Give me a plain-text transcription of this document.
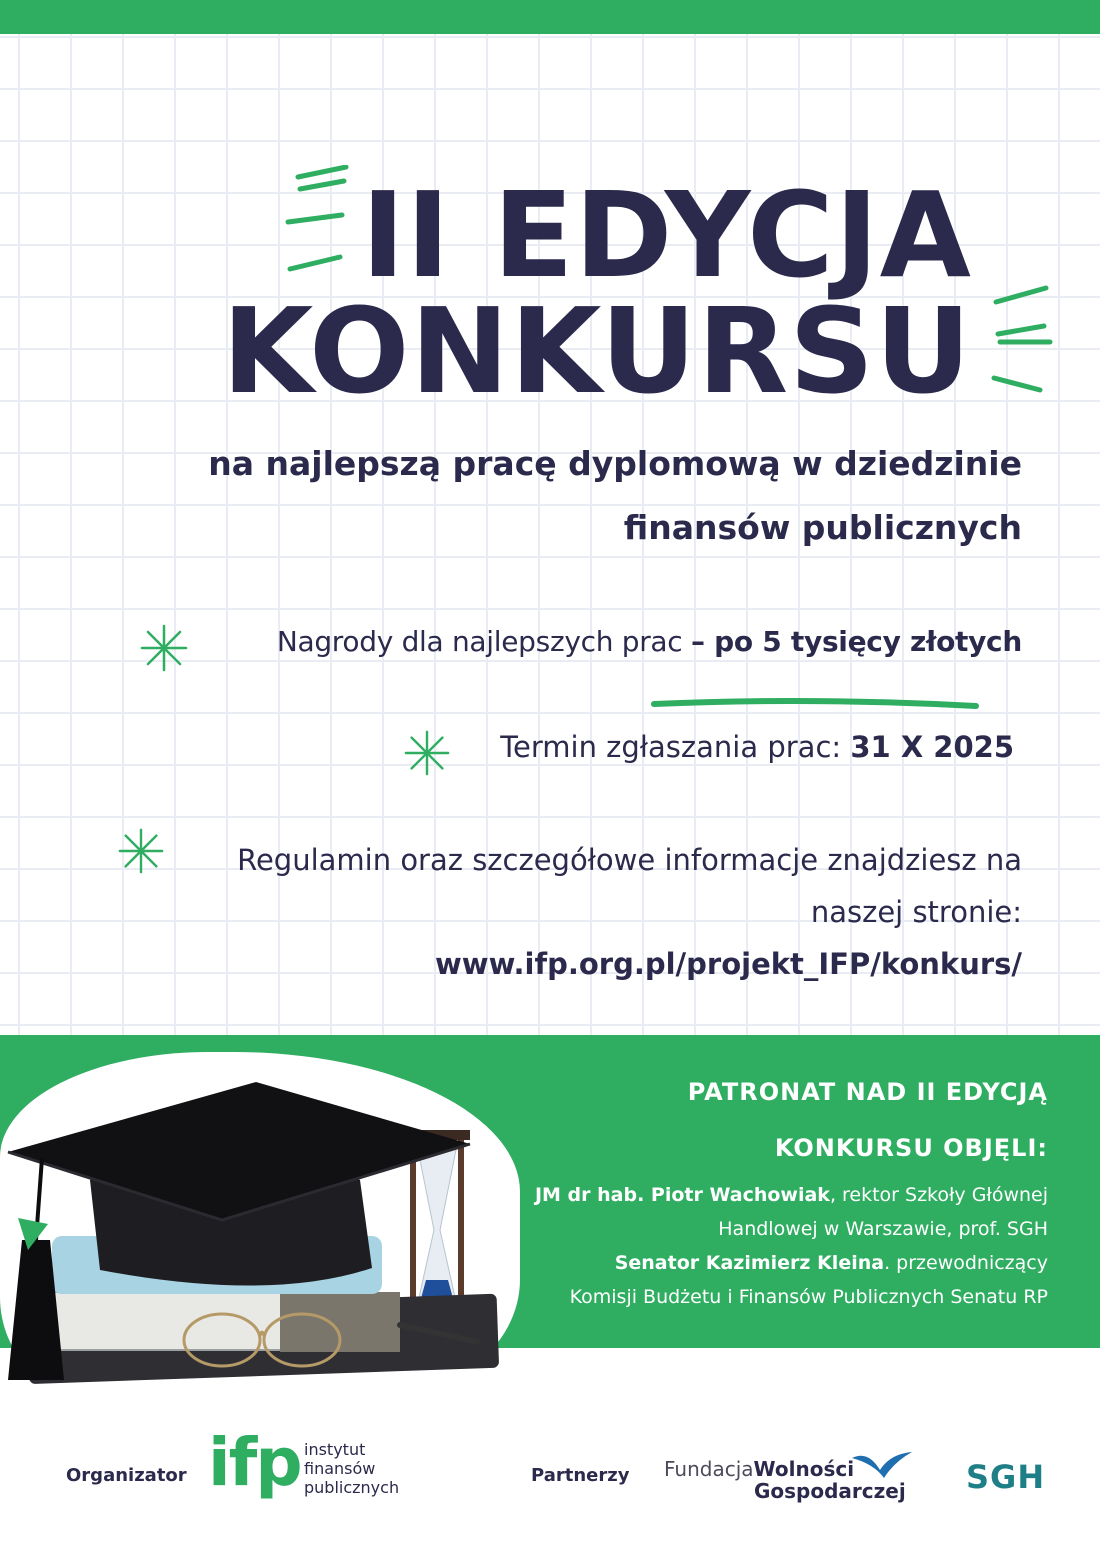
II EDYCJA
KONKURSU
na najlepszą pracę dyplomową w dziedzinie
finansów publicznych
Nagrody dla najlepszych prac – po 5 tysięcy złotych
Termin zgłaszania prac: 31 X 2025
Regulamin oraz szczegółowe informacje znajdziesz na
naszej stronie:
www.ifp.org.pl/projekt_IFP/konkurs/
PATRONAT NAD II EDYCJĄ
KONKURSU OBJĘLI:
JM dr hab. Piotr Wachowiak, rektor Szkoły Głównej
Handlowej w Warszawie, prof. SGH
Senator Kazimierz Kleina. przewodniczący
Komisji Budżetu i Finansów Publicznych Senatu RP
Organizator ifp instytut
finansów
publicznych
Partnerzy FundacjaWolności
Gospodarczej SGH
